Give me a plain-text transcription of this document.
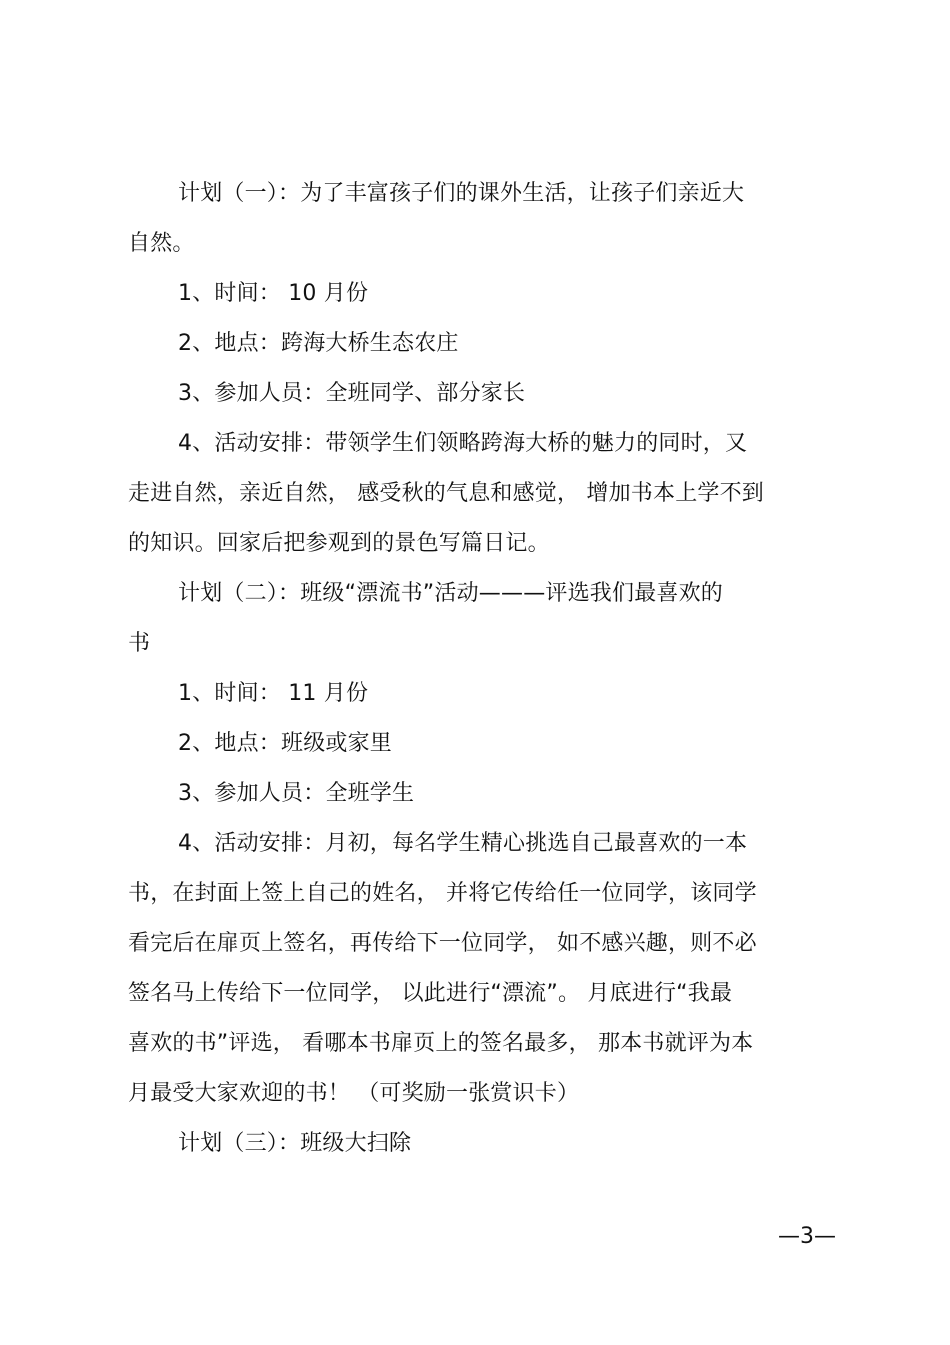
计划（一）：为了丰富孩子们的课外生活，让孩子们亲近大
自然。
1、时间： 10 月份
2、地点：跨海大桥生态农庄
3、参加人员：全班同学、部分家长
4、活动安排：带领学生们领略跨海大桥的魅力的同时，又
走进自然，亲近自然， 感受秋的气息和感觉， 增加书本上学不到
的知识。回家后把参观到的景色写篇日记。
计划（二）：班级“漂流书”活动———评选我们最喜欢的
书
1、时间： 11 月份
2、地点：班级或家里
3、参加人员：全班学生
4、活动安排：月初，每名学生精心挑选自己最喜欢的一本
书，在封面上签上自己的姓名， 并将它传给任一位同学，该同学
看完后在扉页上签名，再传给下一位同学， 如不感兴趣，则不必
签名马上传给下一位同学， 以此进行“漂流”。 月底进行“我最
喜欢的书”评选， 看哪本书扉页上的签名最多， 那本书就评为本
月最受大家欢迎的书！ （可奖励一张赏识卡）
计划（三）：班级大扫除
—3—
